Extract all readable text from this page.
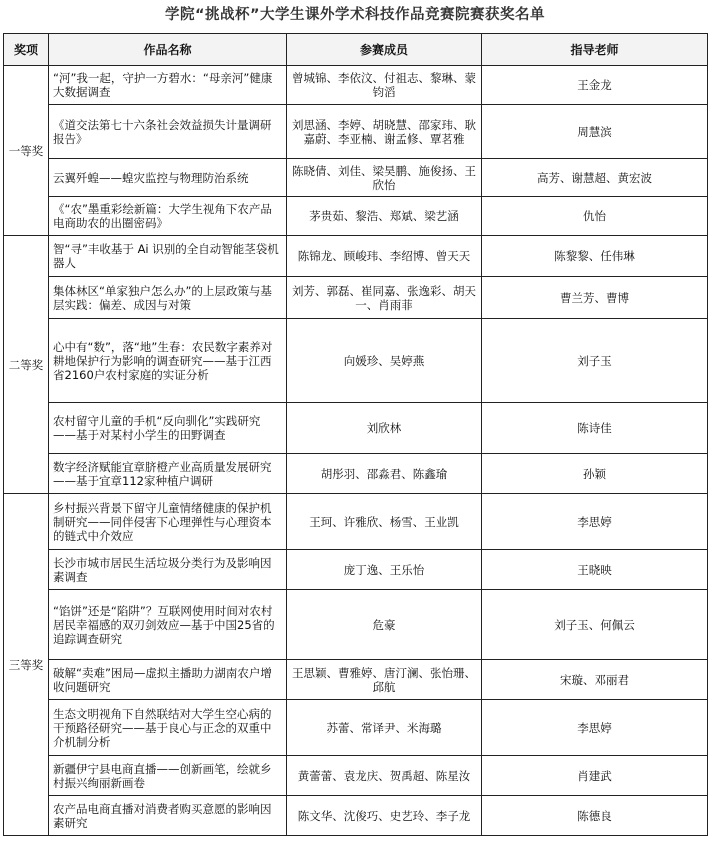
学院“挑战杯”大学生课外学术科技作品竞赛院赛获奖名单
奖项	作品名称	参赛成员	指导老师
一等奖	“河”我一起，守护一方碧水：“母亲河”健康大数据调查	曾城锦、李依汶、付祖志、黎琳、蒙钧滔	王金龙
	《道交法第七十六条社会效益损失计量调研报告》	刘思涵、李婷、胡晓慧、邵家玮、耿嘉蔚、李亚楠、谢孟修、覃茗雅	周慧滨
	云翼歼蝗——蝗灾监控与物理防治系统	陈晓倩、刘佳、梁昊鹏、施俊扬、王欣怡	高芳、谢慧超、黄宏波
	《“农”墨重彩绘新篇：大学生视角下农产品电商助农的出圈密码》	茅贵茹、黎浩、郑斌、梁艺涵	仇怡
二等奖	智“寻”丰收基于 Ai 识别的全自动智能茎袋机器人	陈锦龙、顾峻玮、李绍博、曾天天	陈黎黎、任伟琳
	集体林区“单家独户怎么办”的上层政策与基层实践：偏差、成因与对策	刘芳、郭磊、崔同嘉、张逸彩、胡天一、肖雨菲	曹兰芳、曹博
	心中有“数”，落“地”生春：农民数字素养对耕地保护行为影响的调查研究——基于江西省2160户农村家庭的实证分析	向媛珍、吴婷燕	刘子玉
	农村留守儿童的手机“反向驯化”实践研究——基于对某村小学生的田野调查	刘欣林	陈诗佳
	数字经济赋能宜章脐橙产业高质量发展研究——基于宜章112家种植户调研	胡彤羽、邵淼君、陈鑫瑜	孙颖
三等奖	乡村振兴背景下留守儿童情绪健康的保护机制研究——同伴侵害下心理弹性与心理资本的链式中介效应	王珂、许雅欣、杨雪、王业凯	李思婷
	长沙市城市居民生活垃圾分类行为及影响因素调查	庞丁逸、王乐怡	王晓映
	“馅饼”还是“陷阱”？互联网使用时间对农村居民幸福感的双刃剑效应—基于中国25省的追踪调查研究	危豪	刘子玉、何佩云
	破解“卖难”困局—虚拟主播助力湖南农户增收问题研究	王思颖、曹雅婷、唐汀澜、张怡珊、邱航	宋璇、邓丽君
	生态文明视角下自然联结对大学生空心病的干预路径研究——基于良心与正念的双重中介机制分析	苏蕾、常译尹、米海璐	李思婷
	新疆伊宁县电商直播——创新画笔，绘就乡村振兴绚丽新画卷	黄蕾蕾、袁龙庆、贺禹超、陈星汝	肖建武
	农产品电商直播对消费者购买意愿的影响因素研究	陈文华、沈俊巧、史艺玲、李子龙	陈德良
